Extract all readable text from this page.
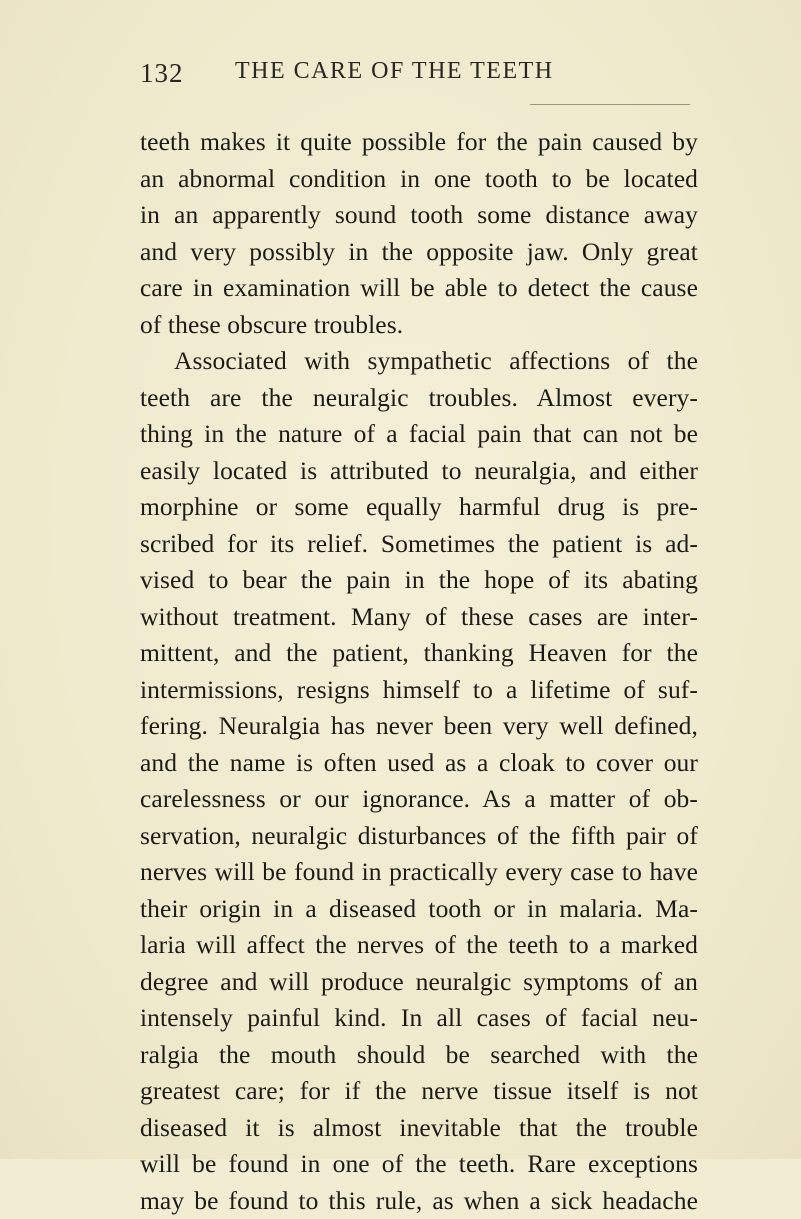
132 THE CARE OF THE TEETH
teeth makes it quite possible for the pain caused by
an abnormal condition in one tooth to be located
in an apparently sound tooth some distance away
and very possibly in the opposite jaw. Only great
care in examination will be able to detect the cause
of these obscure troubles.
Associated with sympathetic affections of the
teeth are the neuralgic troubles. Almost every-
thing in the nature of a facial pain that can not be
easily located is attributed to neuralgia, and either
morphine or some equally harmful drug is pre-
scribed for its relief. Sometimes the patient is ad-
vised to bear the pain in the hope of its abating
without treatment. Many of these cases are inter-
mittent, and the patient, thanking Heaven for the
intermissions, resigns himself to a lifetime of suf-
fering. Neuralgia has never been very well defined,
and the name is often used as a cloak to cover our
carelessness or our ignorance. As a matter of ob-
servation, neuralgic disturbances of the fifth pair of
nerves will be found in practically every case to have
their origin in a diseased tooth or in malaria. Ma-
laria will affect the nerves of the teeth to a marked
degree and will produce neuralgic symptoms of an
intensely painful kind. In all cases of facial neu-
ralgia the mouth should be searched with the
greatest care; for if the nerve tissue itself is not
diseased it is almost inevitable that the trouble
will be found in one of the teeth. Rare exceptions
may be found to this rule, as when a sick headache
